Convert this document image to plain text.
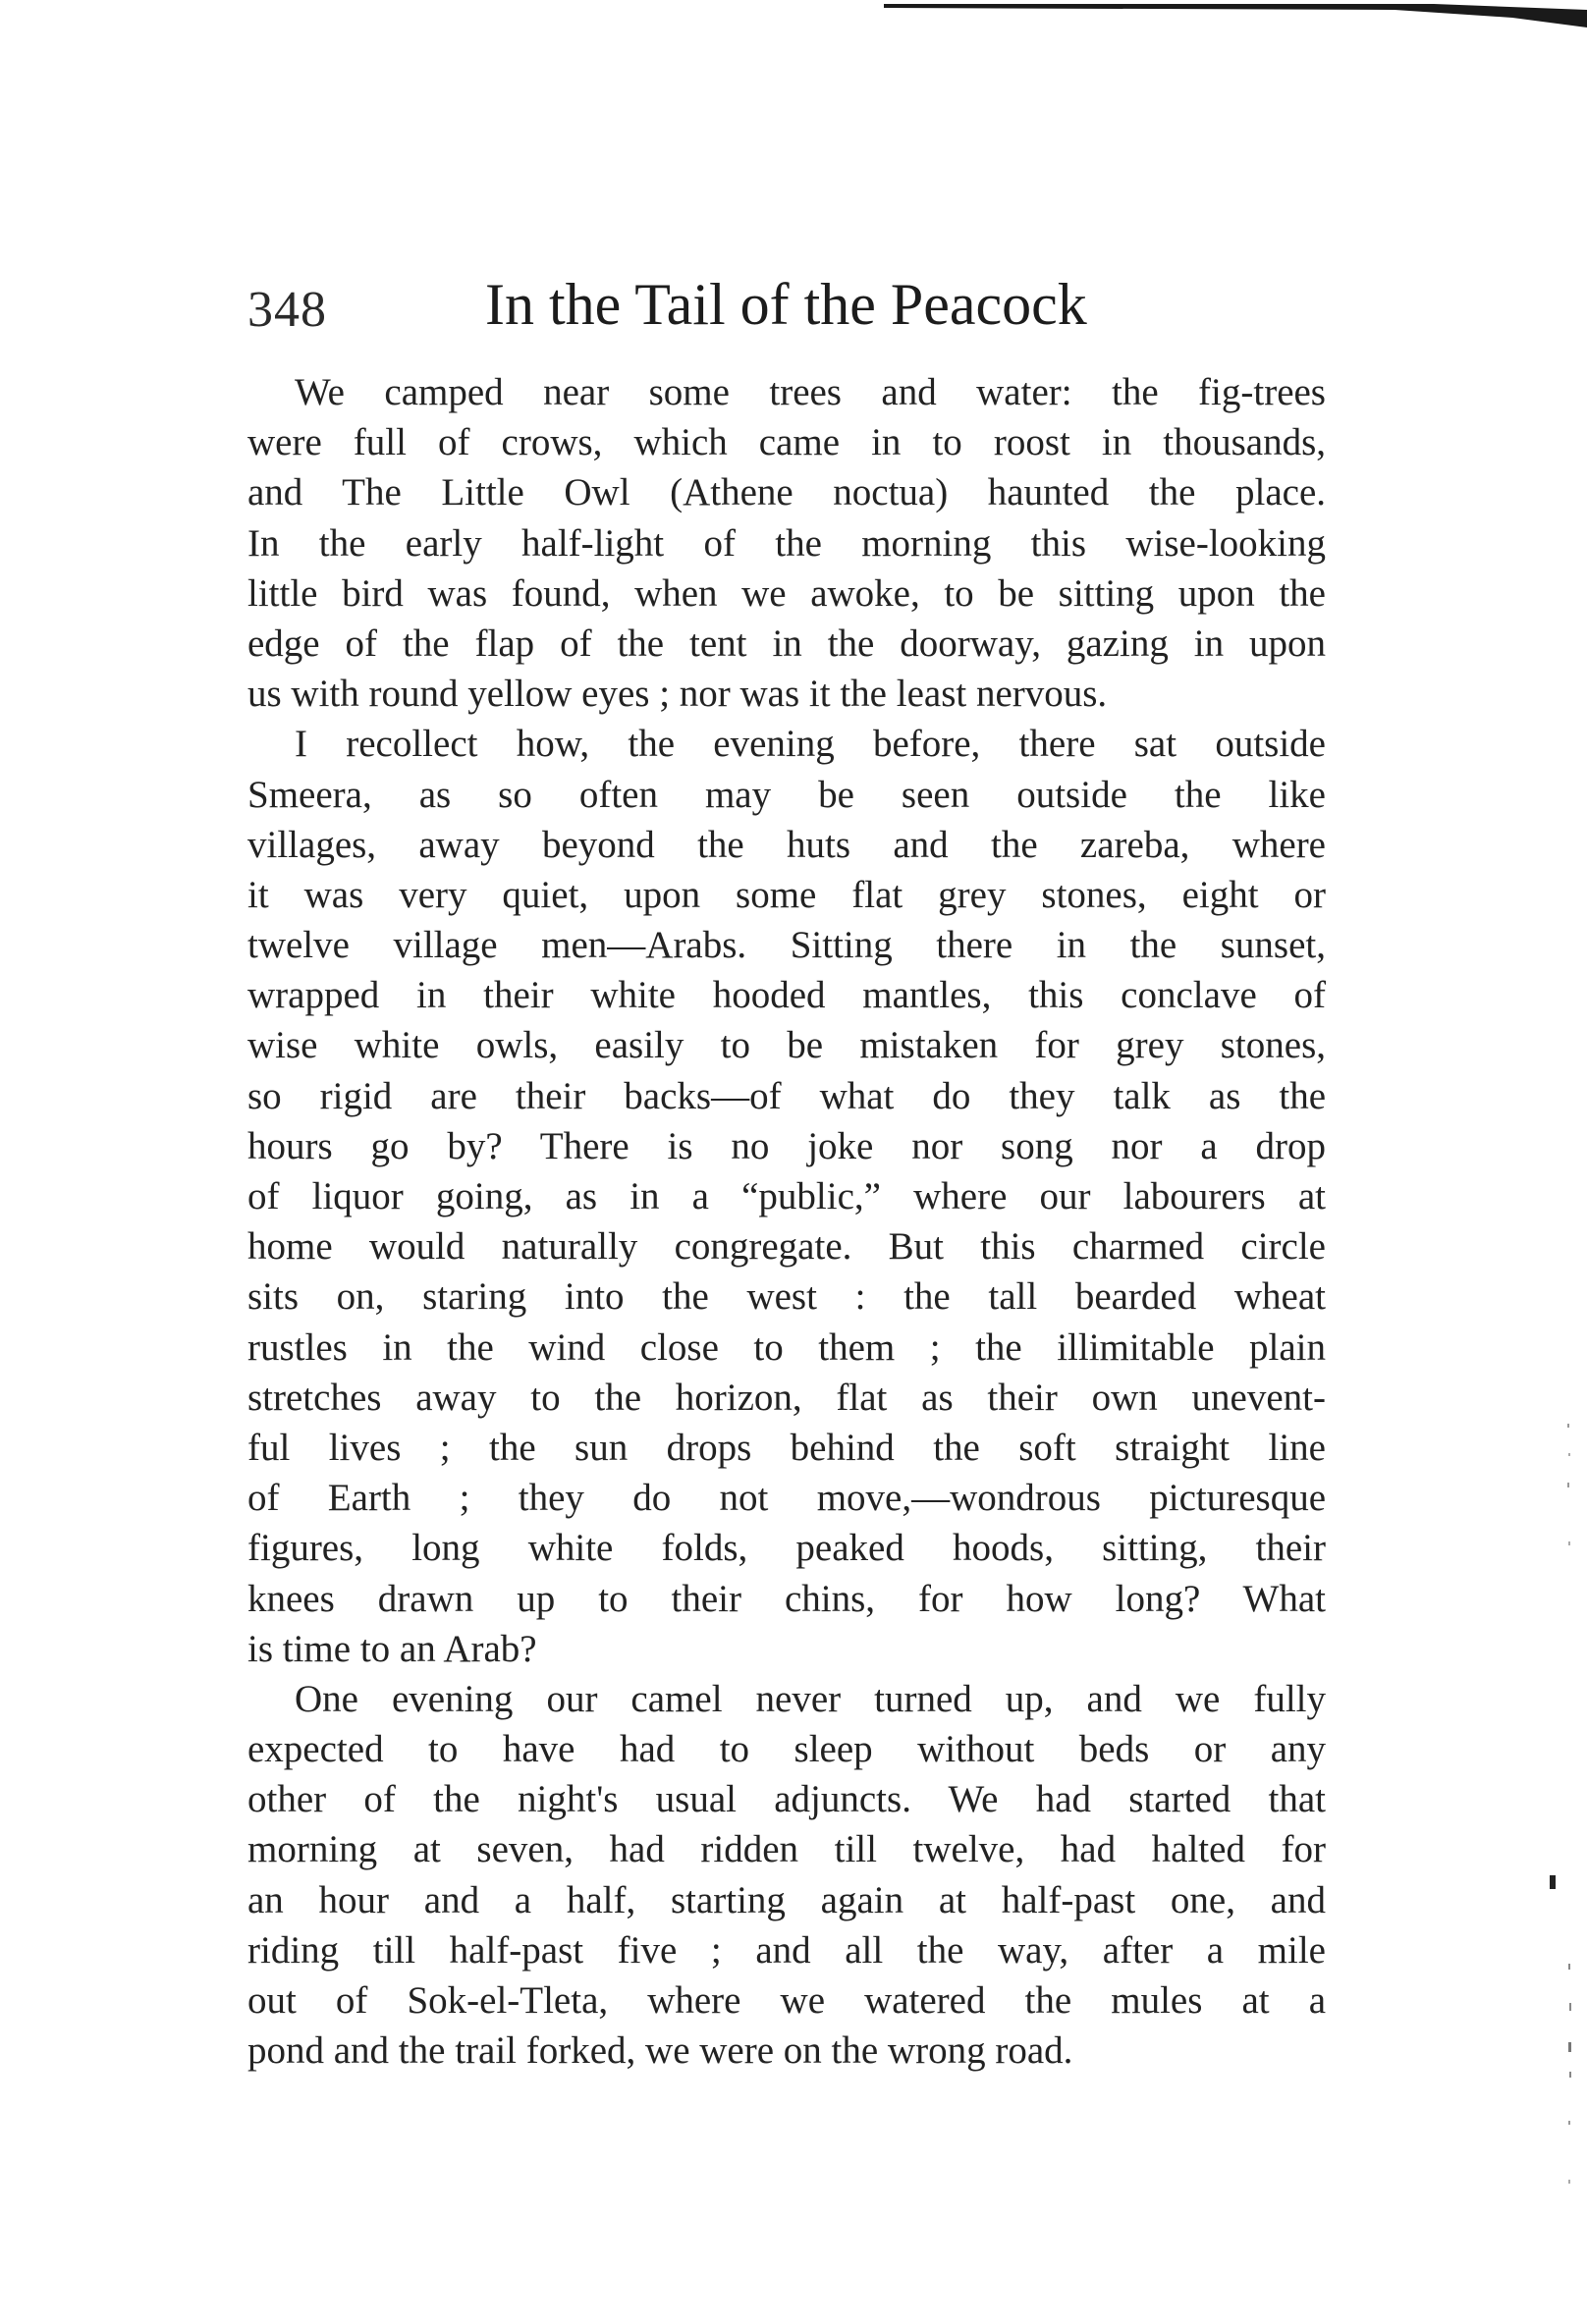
348	In the Tail of the Peacock
We camped near some trees and water: the fig-trees
were full of crows, which came in to roost in thousands,
and The Little Owl (Athene noctua) haunted the place.
In the early half-light of the morning this wise-looking
little bird was found, when we awoke, to be sitting upon the
edge of the flap of the tent in the doorway, gazing in upon
us with round yellow eyes ; nor was it the least nervous.
I recollect how, the evening before, there sat outside
Smeera, as so often may be seen outside the like
villages, away beyond the huts and the zareba, where
it was very quiet, upon some flat grey stones, eight or
twelve village men—Arabs. Sitting there in the sunset,
wrapped in their white hooded mantles, this conclave of
wise white owls, easily to be mistaken for grey stones,
so rigid are their backs—of what do they talk as the
hours go by? There is no joke nor song nor a drop
of liquor going, as in a “public,” where our labourers at
home would naturally congregate. But this charmed circle
sits on, staring into the west : the tall bearded wheat
rustles in the wind close to them ; the illimitable plain
stretches away to the horizon, flat as their own unevent-
ful lives ; the sun drops behind the soft straight line
of Earth ; they do not move,—wondrous picturesque
figures, long white folds, peaked hoods, sitting, their
knees drawn up to their chins, for how long? What
is time to an Arab?
One evening our camel never turned up, and we fully
expected to have had to sleep without beds or any
other of the night's usual adjuncts. We had started that
morning at seven, had ridden till twelve, had halted for
an hour and a half, starting again at half-past one, and
riding till half-past five ; and all the way, after a mile
out of Sok-el-Tleta, where we watered the mules at a
pond and the trail forked, we were on the wrong road.
